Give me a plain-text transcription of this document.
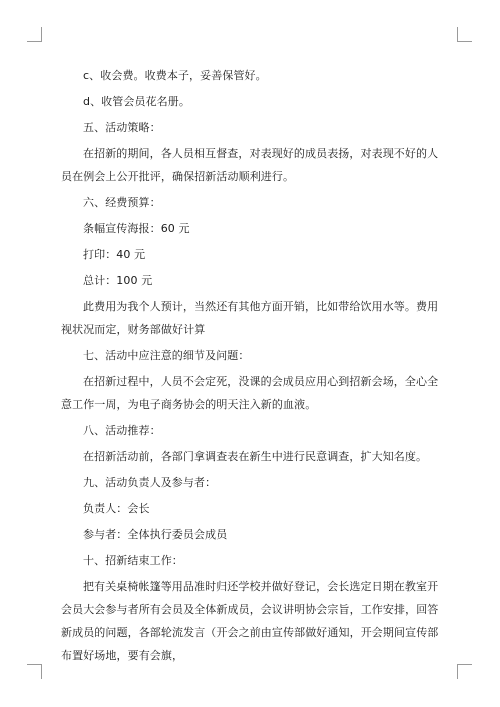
c、收会费。收费本子，妥善保管好。

d、收管会员花名册。

五、活动策略：

在招新的期间，各人员相互督查，对表现好的成员表扬，对表现不好的人员在例会上公开批评，确保招新活动顺利进行。

六、经费预算：

条幅宣传海报：60 元

打印：40 元

总计：100 元

此费用为我个人预计，当然还有其他方面开销，比如带给饮用水等。费用视状况而定，财务部做好计算

七、活动中应注意的细节及问题：

在招新过程中，人员不会定死，没课的会成员应用心到招新会场，全心全意工作一周，为电子商务协会的明天注入新的血液。

八、活动推荐：

在招新活动前，各部门拿调查表在新生中进行民意调查，扩大知名度。

九、活动负责人及参与者：

负责人：会长

参与者：全体执行委员会成员

十、招新结束工作：

把有关桌椅帐篷等用品准时归还学校并做好登记，会长选定日期在教室开会员大会参与者所有会员及全体新成员，会议讲明协会宗旨，工作安排，回答新成员的问题，各部轮流发言（开会之前由宣传部做好通知，开会期间宣传部布置好场地，要有会旗，
